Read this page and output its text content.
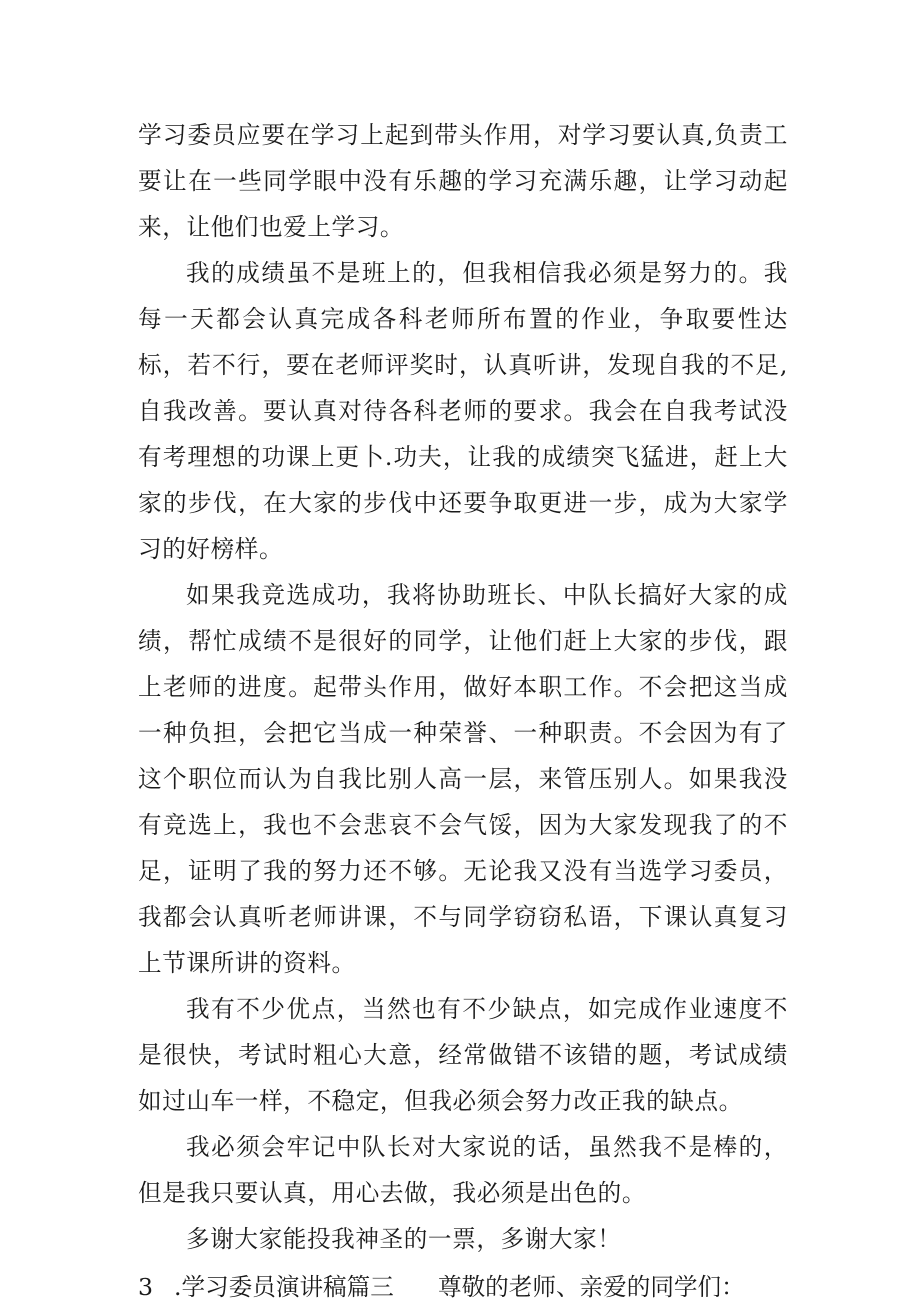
学习委员应要在学习上起到带头作用，对学习要认真,负责工要让在一些同学眼中没有乐趣的学习充满乐趣，让学习动起来，让他们也爱上学习。

我的成绩虽不是班上的，但我相信我必须是努力的。我每一天都会认真完成各科老师所布置的作业，争取要性达标，若不行，要在老师评奖时，认真听讲，发现自我的不足,自我改善。要认真对待各科老师的要求。我会在自我考试没有考理想的功课上更卜.功夫，让我的成绩突飞猛进，赶上大家的步伐，在大家的步伐中还要争取更进一步，成为大家学习的好榜样。

如果我竞选成功，我将协助班长、中队长搞好大家的成绩，帮忙成绩不是很好的同学，让他们赶上大家的步伐，跟上老师的进度。起带头作用，做好本职工作。不会把这当成一种负担，会把它当成一种荣誉、一种职责。不会因为有了这个职位而认为自我比别人高一层，来管压别人。如果我没有竞选上，我也不会悲哀不会气馁，因为大家发现我了的不足，证明了我的努力还不够。无论我又没有当选学习委员，我都会认真听老师讲课，不与同学窃窃私语，下课认真复习上节课所讲的资料。

我有不少优点，当然也有不少缺点，如完成作业速度不是很快，考试时粗心大意，经常做错不该错的题，考试成绩如过山车一样，不稳定，但我必须会努力改正我的缺点。

我必须会牢记中队长对大家说的话，虽然我不是棒的，但是我只要认真，用心去做，我必须是出色的。

多谢大家能投我神圣的一票，多谢大家！

3 .学习委员演讲稿篇三	尊敬的老师、亲爱的同学们：
